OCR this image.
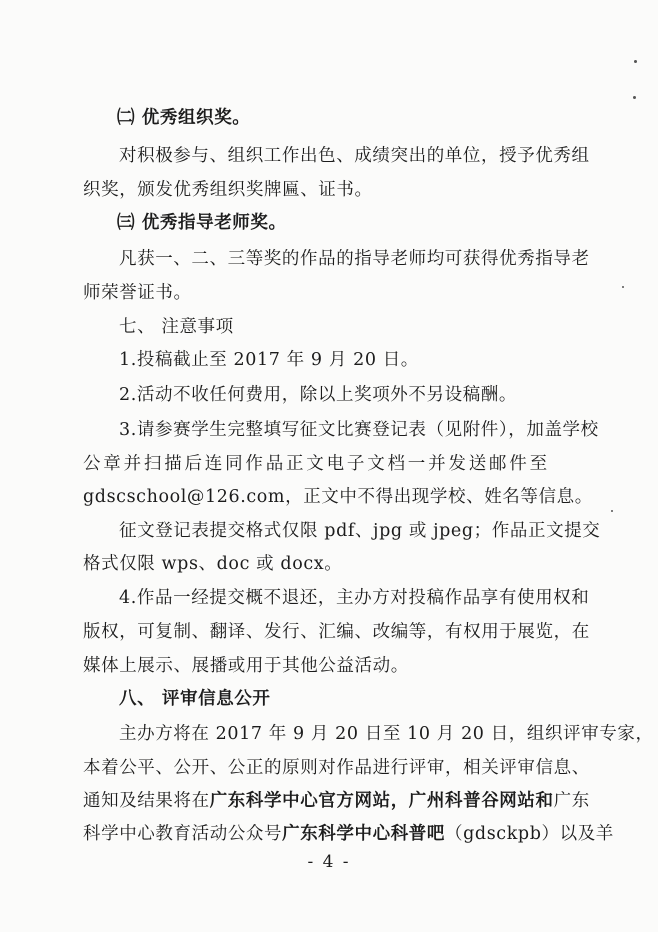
㈡ 优秀组织奖。
对积极参与、组织工作出色、成绩突出的单位，授予优秀组
织奖，颁发优秀组织奖牌匾、证书。
㈢ 优秀指导老师奖。
凡获一、二、三等奖的作品的指导老师均可获得优秀指导老
师荣誉证书。
七、 注意事项
1.投稿截止至 2017 年 9 月 20 日。
2.活动不收任何费用，除以上奖项外不另设稿酬。
3.请参赛学生完整填写征文比赛登记表（见附件），加盖学校
公章并扫描后连同作品正文电子文档一并发送邮件至
gdscschool@126.com，正文中不得出现学校、姓名等信息。
征文登记表提交格式仅限 pdf、jpg 或 jpeg；作品正文提交
格式仅限 wps、doc 或 docx。
4.作品一经提交概不退还，主办方对投稿作品享有使用权和
版权，可复制、翻译、发行、汇编、改编等，有权用于展览，在
媒体上展示、展播或用于其他公益活动。
八、 评审信息公开
主办方将在 2017 年 9 月 20 日至 10 月 20 日，组织评审专家，
本着公平、公开、公正的原则对作品进行评审，相关评审信息、
通知及结果将在广东科学中心官方网站，广州科普谷网站和广东
科学中心教育活动公众号广东科学中心科普吧（gdsckpb）以及羊
- 4 -
